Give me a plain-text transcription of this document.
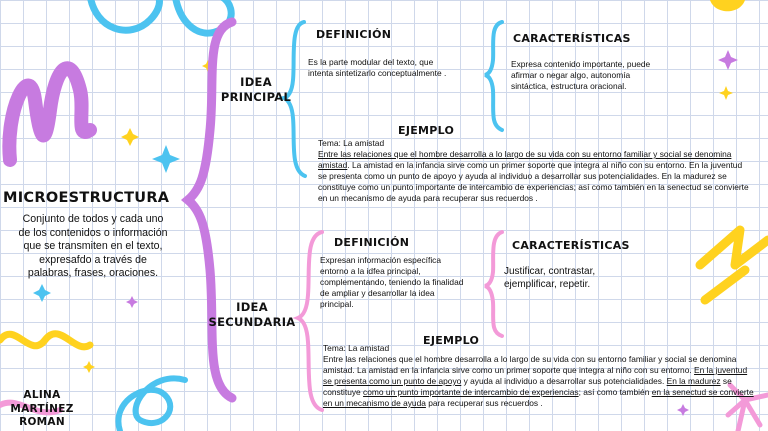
MICROESTRUCTURA
Conjunto de todos y cada uno de los contenidos o información que se transmiten en el texto, expresafdo a través de palabras, frases, oraciones.
ALINA
MARTÍNEZ
ROMAN
IDEA
PRINCIPAL
DEFINICIÓN
Es la parte modular del texto, que intenta sintetizarlo conceptualmente .
CARACTERÍSTICAS
Expresa contenido importante, puede afirmar o negar algo, autonomía sintáctica, estructura oracional.
EJEMPLO
Tema: La amistad
Entre las relaciones que el hombre desarrolla a lo largo de su vida con su entorno familiar y social se denomina amistad. La amistad en la infancia sirve como un primer soporte que integra al niño con su entorno. En la juventud se presenta como un punto de apoyo y ayuda al individuo a desarrollar sus potencialidades. En la madurez se constituye como un punto importante de intercambio de experiencias; así como también en la senectud se convierte en un mecanismo de ayuda para recuperar sus recuerdos .
IDEA
SECUNDARIA
DEFINICIÓN
Expresan información específica entorno a la idfea principal, complementando, teniendo la finalidad de ampliar y desarrollar la idea principal.
CARACTERÍSTICAS
Justificar, contrastar, ejemplificar, repetir.
EJEMPLO
Tema: La amistad
Entre las relaciones que el hombre desarrolla a lo largo de su vida con su entorno familiar y social se denomina amistad. La amistad en la infancia sirve como un primer soporte que integra al niño con su entorno. En la juventud se presenta como un punto de apoyo y ayuda al individuo a desarrollar sus potencialidades. En la madurez se constituye como un punto importante de intercambio de experiencias; así como también en la senectud se convierte en un mecanismo de ayuda para recuperar sus recuerdos .
